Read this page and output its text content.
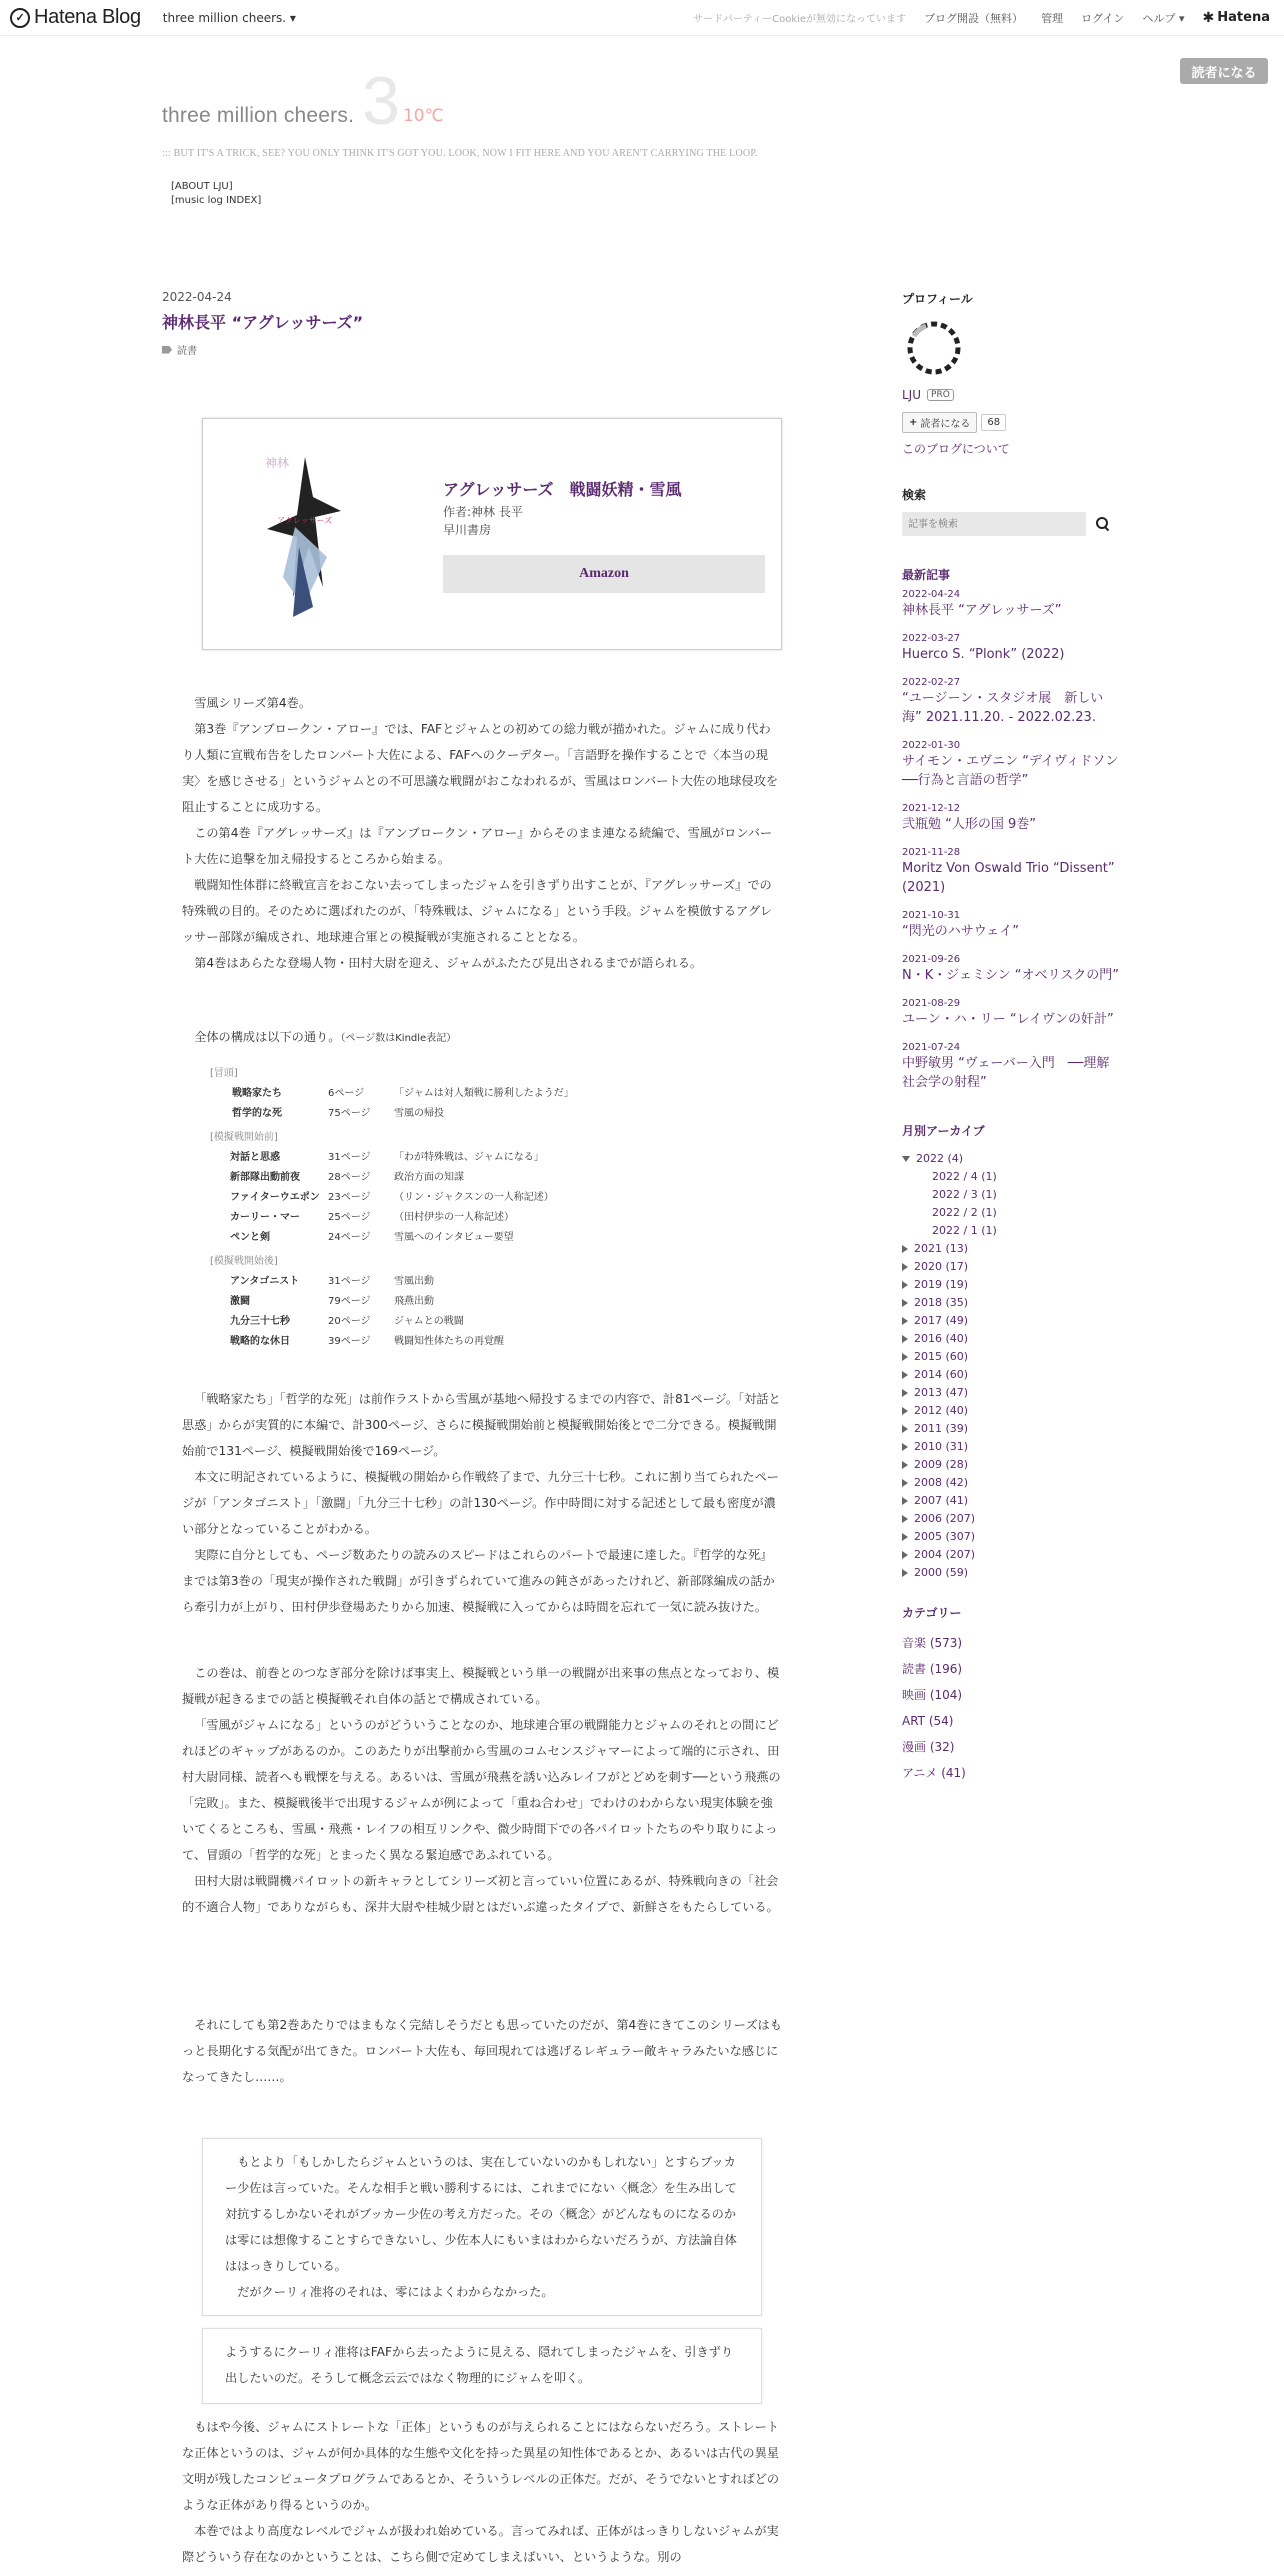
✓ Hatena Blog three million cheers. ▾	サードパーティーCookieが無効になっています ブログ開設（無料） 管理 ログイン ヘルプ ▾ ✱ Hatena
読者になる
three million cheers. 3 10℃
::: BUT IT'S A TRICK, SEE? YOU ONLY THINK IT'S GOT YOU. LOOK, NOW I FIT HERE AND YOU AREN'T CARRYING THE LOOP.
[ABOUT LJU]
[music log INDEX]
2022-04-24
神林長平 “アグレッサーズ”
読書
神林
アグレッサーズ
アグレッサーズ　戦闘妖精・雪風
作者:神林 長平
早川書房
Amazon

雪風シリーズ第4巻。

第3巻『アンブロークン・アロー』では、FAFとジャムとの初めての総力戦が描かれた。ジャムに成り代わり人類に宣戦布告をしたロンバート大佐による、FAFへのクーデター。「言語野を操作することで〈本当の現実〉を感じさせる」というジャムとの不可思議な戦闘がおこなわれるが、雪風はロンバート大佐の地球侵攻を阻止することに成功する。

この第4巻『アグレッサーズ』は『アンブロークン・アロー』からそのまま連なる続編で、雪風がロンバート大佐に追撃を加え帰投するところから始まる。

戦闘知性体群に終戦宣言をおこない去ってしまったジャムを引きずり出すことが、『アグレッサーズ』での特殊戦の目的。そのために選ばれたのが、「特殊戦は、ジャムになる」という手段。ジャムを模倣するアグレッサー部隊が編成され、地球連合軍との模擬戦が実施されることとなる。

第4巻はあらたな登場人物・田村大尉を迎え、ジャムがふたたび見出されるまでが語られる。

全体の構成は以下の通り。（ページ数はKindle表記）

[冒頭]
戦略家たち	6ページ	「ジャムは対人類戦に勝利したようだ」
哲学的な死	75ページ	雪風の帰投
[模擬戦開始前]
対話と思惑	31ページ	「わが特殊戦は、ジャムになる」
新部隊出動前夜	28ページ	政治方面の知謀
ファイターウエポン 23ページ	（リン・ジャクスンの一人称記述）
カーリー・マー	25ページ	（田村伊歩の一人称記述）
ペンと剣	24ページ	雪風へのインタビュー要望
[模擬戦開始後]
アンタゴニスト	31ページ	雪風出動
激闘	79ページ	飛燕出動
九分三十七秒	20ページ	ジャムとの戦闘
戦略的な休日	39ページ	戦闘知性体たちの再覚醒

「戦略家たち」「哲学的な死」は前作ラストから雪風が基地へ帰投するまでの内容で、計81ページ。「対話と思惑」からが実質的に本編で、計300ページ、さらに模擬戦開始前と模擬戦開始後とで二分できる。模擬戦開始前で131ページ、模擬戦開始後で169ページ。

本文に明記されているように、模擬戦の開始から作戦終了まで、九分三十七秒。これに割り当てられたページが「アンタゴニスト」「激闘」「九分三十七秒」の計130ページ。作中時間に対する記述として最も密度が濃い部分となっていることがわかる。

実際に自分としても、ページ数あたりの読みのスピードはこれらのパートで最速に達した。『哲学的な死』までは第3巻の「現実が操作された戦闘」が引きずられていて進みの鈍さがあったけれど、新部隊編成の話から牽引力が上がり、田村伊歩登場あたりから加速、模擬戦に入ってからは時間を忘れて一気に読み抜けた。

この巻は、前巻とのつなぎ部分を除けば事実上、模擬戦という単一の戦闘が出来事の焦点となっており、模擬戦が起きるまでの話と模擬戦それ自体の話とで構成されている。

「雪風がジャムになる」というのがどういうことなのか、地球連合軍の戦闘能力とジャムのそれとの間にどれほどのギャップがあるのか。このあたりが出撃前から雪風のコムセンスジャマーによって端的に示され、田村大尉同様、読者へも戦慄を与える。あるいは、雪風が飛燕を誘い込みレイフがとどめを刺す──という飛燕の「完敗」。また、模擬戦後半で出現するジャムが例によって「重ね合わせ」でわけのわからない現実体験を強いてくるところも、雪風・飛燕・レイフの相互リンクや、微少時間下での各パイロットたちのやり取りによって、冒頭の「哲学的な死」とまったく異なる緊迫感であふれている。

田村大尉は戦闘機パイロットの新キャラとしてシリーズ初と言っていい位置にあるが、特殊戦向きの「社会的不適合人物」でありながらも、深井大尉や桂城少尉とはだいぶ違ったタイプで、新鮮さをもたらしている。

それにしても第2巻あたりではまもなく完結しそうだとも思っていたのだが、第4巻にきてこのシリーズはもっと長期化する気配が出てきた。ロンバート大佐も、毎回現れては逃げるレギュラー敵キャラみたいな感じになってきたし……。

もとより「もしかしたらジャムというのは、実在していないのかもしれない」とすらブッカー少佐は言っていた。そんな相手と戦い勝利するには、これまでにない〈概念〉を生み出して対抗するしかないそれがブッカー少佐の考え方だった。その〈概念〉がどんなものになるのかは零には想像することすらできないし、少佐本人にもいまはわからないだろうが、方法論自体ははっきりしている。

だがクーリィ准将のそれは、零にはよくわからなかった。

ようするにクーリィ准将はFAFから去ったように見える、隠れてしまったジャムを、引きずり出したいのだ。そうして概念云云ではなく物理的にジャムを叩く。

もはや今後、ジャムにストレートな「正体」というものが与えられることにはならないだろう。ストレートな正体というのは、ジャムが何か具体的な生態や文化を持った異星の知性体であるとか、あるいは古代の異星文明が残したコンピュータプログラムであるとか、そういうレベルの正体だ。だが、そうでないとすればどのような正体があり得るというのか。

本巻ではより高度なレベルでジャムが扱われ始めている。言ってみれば、正体がはっきりしないジャムが実際どういう存在なのかということは、こちら側で定めてしまえばいい、というような。別の

プロフィール
LJU	PRO
+ 読者になる	68
このブログについて
検索
記事を検索
最新記事
2022-04-24
神林長平 “アグレッサーズ”
2022-03-27
Huerco S. “Plonk” (2022)
2022-02-27
“ユージーン・スタジオ展　新しい海” 2021.11.20. - 2022.02.23.
2022-01-30
サイモン・エヴニン “デイヴィドソン──行為と言語の哲学”
2021-12-12
弐瓶勉 “人形の国 9巻”
2021-11-28
Moritz Von Oswald Trio “Dissent” (2021)
2021-10-31
“閃光のハサウェイ”
2021-09-26
N・K・ジェミシン “オベリスクの門”
2021-08-29
ユーン・ハ・リー “レイヴンの奸計”
2021-07-24
中野敏男 “ヴェーバー入門　──理解社会学の射程”
月別アーカイブ
2022 (4)
2022 / 4 (1)
2022 / 3 (1)
2022 / 2 (1)
2022 / 1 (1)
2021 (13)
2020 (17)
2019 (19)
2018 (35)
2017 (49)
2016 (40)
2015 (60)
2014 (60)
2013 (47)
2012 (40)
2011 (39)
2010 (31)
2009 (28)
2008 (42)
2007 (41)
2006 (207)
2005 (307)
2004 (207)
2000 (59)
カテゴリー
音楽 (573)
読書 (196)
映画 (104)
ART (54)
漫画 (32)
アニメ (41)
